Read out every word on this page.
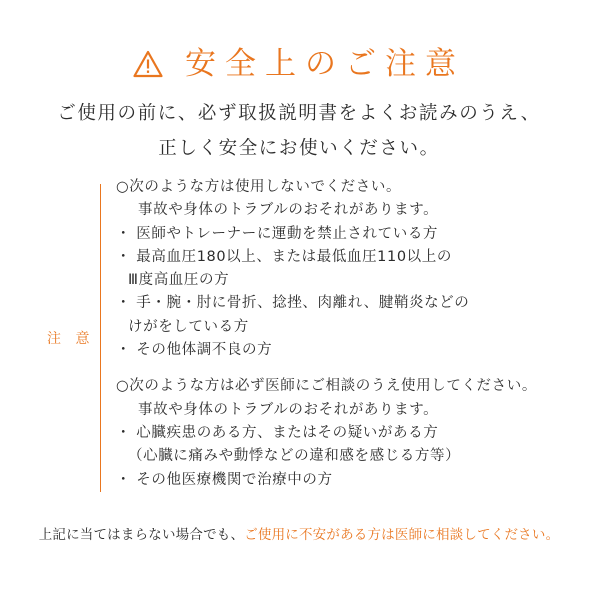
安全上のご注意
ご使用の前に、必ず取扱説明書をよくお読みのうえ、
正しく安全にお使いください。
注 意
○次のような方は使用しないでください。
事故や身体のトラブルのおそれがあります。
・ 医師やトレーナーに運動を禁止されている方
・ 最高血圧180以上、または最低血圧110以上の
Ⅲ度高血圧の方
・ 手・腕・肘に骨折、捻挫、肉離れ、腱鞘炎などの
けがをしている方
・ その他体調不良の方
○次のような方は必ず医師にご相談のうえ使用してください。
事故や身体のトラブルのおそれがあります。
・ 心臓疾患のある方、またはその疑いがある方
（心臓に痛みや動悸などの違和感を感じる方等）
・ その他医療機関で治療中の方
上記に当てはまらない場合でも、ご使用に不安がある方は医師に相談してください。
